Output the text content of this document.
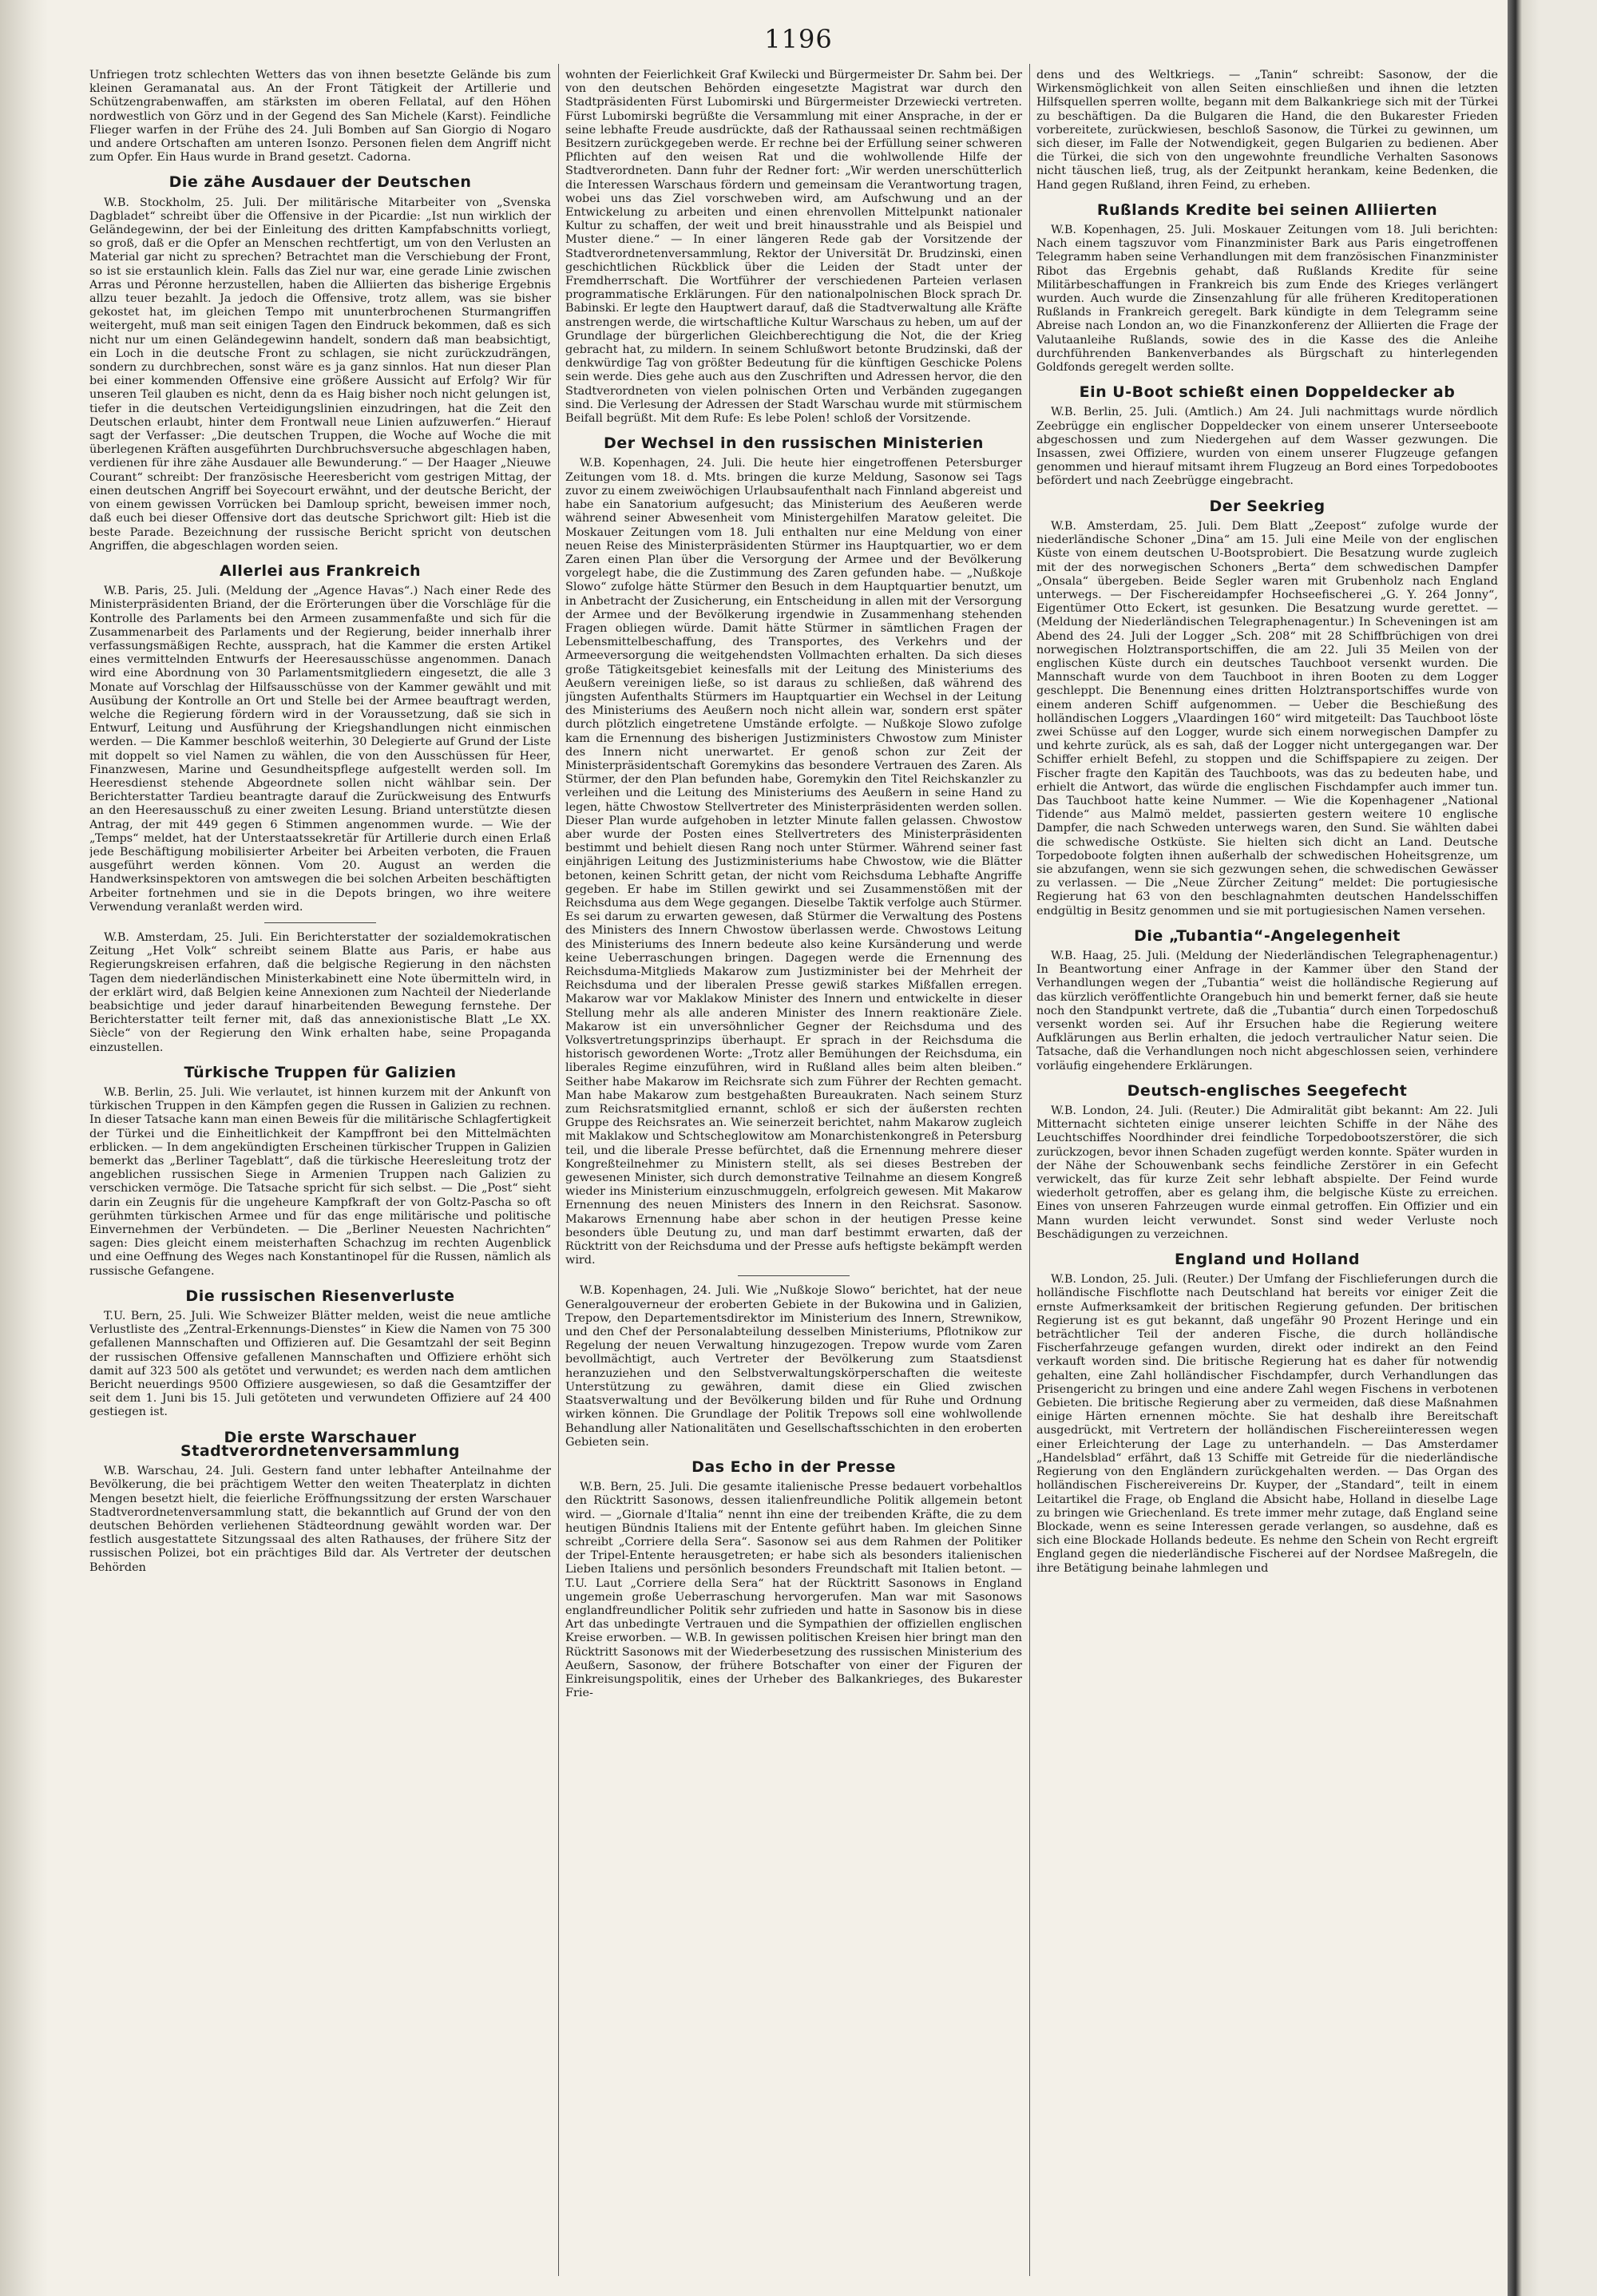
1196

Unfriegen trotz schlechten Wetters das von ihnen besetzte Gelände bis zum kleinen Geramanatal aus. An der Front Tätigkeit der Artillerie und Schützengrabenwaffen, am stärksten im oberen Fellatal, auf den Höhen nordwestlich von Görz und in der Gegend des San Michele (Karst). Feindliche Flieger warfen in der Frühe des 24. Juli Bomben auf San Giorgio di Nogaro und andere Ortschaften am unteren Isonzo. Personen fielen dem Angriff nicht zum Opfer. Ein Haus wurde in Brand gesetzt. Cadorna.

Die zähe Ausdauer der Deutschen

W.B. Stockholm, 25. Juli. Der militärische Mitarbeiter von „Svenska Dagbladet“ schreibt über die Offensive in der Picardie: „Ist nun wirklich der Geländegewinn, der bei der Einleitung des dritten Kampfabschnitts vorliegt, so groß, daß er die Opfer an Menschen rechtfertigt, um von den Verlusten an Material gar nicht zu sprechen? Betrachtet man die Verschiebung der Front, so ist sie erstaunlich klein. Falls das Ziel nur war, eine gerade Linie zwischen Arras und Péronne herzustellen, haben die Alliierten das bisherige Ergebnis allzu teuer bezahlt. Ja jedoch die Offensive, trotz allem, was sie bisher gekostet hat, im gleichen Tempo mit ununterbrochenen Sturmangriffen weitergeht, muß man seit einigen Tagen den Eindruck bekommen, daß es sich nicht nur um einen Geländegewinn handelt, sondern daß man beabsichtigt, ein Loch in die deutsche Front zu schlagen, sie nicht zurückzudrängen, sondern zu durchbrechen, sonst wäre es ja ganz sinnlos. Hat nun dieser Plan bei einer kommenden Offensive eine größere Aussicht auf Erfolg? Wir für unseren Teil glauben es nicht, denn da es Haig bisher noch nicht gelungen ist, tiefer in die deutschen Verteidigungslinien einzudringen, hat die Zeit den Deutschen erlaubt, hinter dem Frontwall neue Linien aufzuwerfen.“ Hierauf sagt der Verfasser: „Die deutschen Truppen, die Woche auf Woche die mit überlegenen Kräften ausgeführten Durchbruchsversuche abgeschlagen haben, verdienen für ihre zähe Ausdauer alle Bewunderung.“ — Der Haager „Nieuwe Courant“ schreibt: Der französische Heeresbericht vom gestrigen Mittag, der einen deutschen Angriff bei Soyecourt erwähnt, und der deutsche Bericht, der von einem gewissen Vorrücken bei Damloup spricht, beweisen immer noch, daß euch bei dieser Offensive dort das deutsche Sprichwort gilt: Hieb ist die beste Parade. Bezeichnung der russische Bericht spricht von deutschen Angriffen, die abgeschlagen worden seien.

Allerlei aus Frankreich

W.B. Paris, 25. Juli. (Meldung der „Agence Havas“.) Nach einer Rede des Ministerpräsidenten Briand, der die Erörterungen über die Vorschläge für die Kontrolle des Parlaments bei den Armeen zusammenfaßte und sich für die Zusammenarbeit des Parlaments und der Regierung, beider innerhalb ihrer verfassungsmäßigen Rechte, aussprach, hat die Kammer die ersten Artikel eines vermittelnden Entwurfs der Heeresausschüsse angenommen. Danach wird eine Abordnung von 30 Parlamentsmitgliedern eingesetzt, die alle 3 Monate auf Vorschlag der Hilfsausschüsse von der Kammer gewählt und mit Ausübung der Kontrolle an Ort und Stelle bei der Armee beauftragt werden, welche die Regierung fördern wird in der Voraussetzung, daß sie sich in Entwurf, Leitung und Ausführung der Kriegshandlungen nicht einmischen werden. — Die Kammer beschloß weiterhin, 30 Delegierte auf Grund der Liste mit doppelt so viel Namen zu wählen, die von den Ausschüssen für Heer, Finanzwesen, Marine und Gesundheitspflege aufgestellt werden soll. Im Heeresdienst stehende Abgeordnete sollen nicht wählbar sein. Der Berichterstatter Tardieu beantragte darauf die Zurückweisung des Entwurfs an den Heeresausschuß zu einer zweiten Lesung. Briand unterstützte diesen Antrag, der mit 449 gegen 6 Stimmen angenommen wurde. — Wie der „Temps“ meldet, hat der Unterstaatssekretär für Artillerie durch einen Erlaß jede Beschäftigung mobilisierter Arbeiter bei Arbeiten verboten, die Frauen ausgeführt werden können. Vom 20. August an werden die Handwerksinspektoren von amtswegen die bei solchen Arbeiten beschäftigten Arbeiter fortnehmen und sie in die Depots bringen, wo ihre weitere Verwendung veranlaßt werden wird.

W.B. Amsterdam, 25. Juli. Ein Berichterstatter der sozialdemokratischen Zeitung „Het Volk“ schreibt seinem Blatte aus Paris, er habe aus Regierungskreisen erfahren, daß die belgische Regierung in den nächsten Tagen dem niederländischen Ministerkabinett eine Note übermitteln wird, in der erklärt wird, daß Belgien keine Annexionen zum Nachteil der Niederlande beabsichtige und jeder darauf hinarbeitenden Bewegung fernstehe. Der Berichterstatter teilt ferner mit, daß das annexionistische Blatt „Le XX. Siècle“ von der Regierung den Wink erhalten habe, seine Propaganda einzustellen.

Türkische Truppen für Galizien

W.B. Berlin, 25. Juli. Wie verlautet, ist hinnen kurzem mit der Ankunft von türkischen Truppen in den Kämpfen gegen die Russen in Galizien zu rechnen. In dieser Tatsache kann man einen Beweis für die militärische Schlagfertigkeit der Türkei und die Einheitlichkeit der Kampffront bei den Mittelmächten erblicken. — In dem angekündigten Erscheinen türkischer Truppen in Galizien bemerkt das „Berliner Tageblatt“, daß die türkische Heeresleitung trotz der angeblichen russischen Siege in Armenien Truppen nach Galizien zu verschicken vermöge. Die Tatsache spricht für sich selbst. — Die „Post“ sieht darin ein Zeugnis für die ungeheure Kampfkraft der von Goltz-Pascha so oft gerühmten türkischen Armee und für das enge militärische und politische Einvernehmen der Verbündeten. — Die „Berliner Neuesten Nachrichten“ sagen: Dies gleicht einem meisterhaften Schachzug im rechten Augenblick und eine Oeffnung des Weges nach Konstantinopel für die Russen, nämlich als russische Gefangene.

Die russischen Riesenverluste

T.U. Bern, 25. Juli. Wie Schweizer Blätter melden, weist die neue amtliche Verlustliste des „Zentral-Erkennungs-Dienstes“ in Kiew die Namen von 75 300 gefallenen Mannschaften und Offizieren auf. Die Gesamtzahl der seit Beginn der russischen Offensive gefallenen Mannschaften und Offiziere erhöht sich damit auf 323 500 als getötet und verwundet; es werden nach dem amtlichen Bericht neuerdings 9500 Offiziere ausgewiesen, so daß die Gesamtziffer der seit dem 1. Juni bis 15. Juli getöteten und verwundeten Offiziere auf 24 400 gestiegen ist.

Die erste Warschauer Stadtverordnetenversammlung

W.B. Warschau, 24. Juli. Gestern fand unter lebhafter Anteilnahme der Bevölkerung, die bei prächtigem Wetter den weiten Theaterplatz in dichten Mengen besetzt hielt, die feierliche Eröffnungssitzung der ersten Warschauer Stadtverordnetenversammlung statt, die bekanntlich auf Grund der von den deutschen Behörden verliehenen Städteordnung gewählt worden war. Der festlich ausgestattete Sitzungssaal des alten Rathauses, der frühere Sitz der russischen Polizei, bot ein prächtiges Bild dar. Als Vertreter der deutschen Behörden

wohnten der Feierlichkeit Graf Kwilecki und Bürgermeister Dr. Sahm bei. Der von den deutschen Behörden eingesetzte Magistrat war durch den Stadtpräsidenten Fürst Lubomirski und Bürgermeister Drzewiecki vertreten. Fürst Lubomirski begrüßte die Versammlung mit einer Ansprache, in der er seine lebhafte Freude ausdrückte, daß der Rathaussaal seinen rechtmäßigen Besitzern zurückgegeben werde. Er rechne bei der Erfüllung seiner schweren Pflichten auf den weisen Rat und die wohlwollende Hilfe der Stadtverordneten. Dann fuhr der Redner fort: „Wir werden unerschütterlich die Interessen Warschaus fördern und gemeinsam die Verantwortung tragen, wobei uns das Ziel vorschweben wird, am Aufschwung und an der Entwickelung zu arbeiten und einen ehrenvollen Mittelpunkt nationaler Kultur zu schaffen, der weit und breit hinausstrahle und als Beispiel und Muster diene.“ — In einer längeren Rede gab der Vorsitzende der Stadtverordnetenversammlung, Rektor der Universität Dr. Brudzinski, einen geschichtlichen Rückblick über die Leiden der Stadt unter der Fremdherrschaft. Die Wortführer der verschiedenen Parteien verlasen programmatische Erklärungen. Für den nationalpolnischen Block sprach Dr. Babinski. Er legte den Hauptwert darauf, daß die Stadtverwaltung alle Kräfte anstrengen werde, die wirtschaftliche Kultur Warschaus zu heben, um auf der Grundlage der bürgerlichen Gleichberechtigung die Not, die der Krieg gebracht hat, zu mildern. In seinem Schlußwort betonte Brudzinski, daß der denkwürdige Tag von größter Bedeutung für die künftigen Geschicke Polens sein werde. Dies gehe auch aus den Zuschriften und Adressen hervor, die den Stadtverordneten von vielen polnischen Orten und Verbänden zugegangen sind. Die Verlesung der Adressen der Stadt Warschau wurde mit stürmischem Beifall begrüßt. Mit dem Rufe: Es lebe Polen! schloß der Vorsitzende.

Der Wechsel in den russischen Ministerien

W.B. Kopenhagen, 24. Juli. Die heute hier eingetroffenen Petersburger Zeitungen vom 18. d. Mts. bringen die kurze Meldung, Sasonow sei Tags zuvor zu einem zweiwöchigen Urlaubsaufenthalt nach Finnland abgereist und habe ein Sanatorium aufgesucht; das Ministerium des Aeußeren werde während seiner Abwesenheit vom Ministergehilfen Maratow geleitet. Die Moskauer Zeitungen vom 18. Juli enthalten nur eine Meldung von einer neuen Reise des Ministerpräsidenten Stürmer ins Hauptquartier, wo er dem Zaren einen Plan über die Versorgung der Armee und der Bevölkerung vorgelegt habe, die die Zustimmung des Zaren gefunden habe. — „Nußkoje Slowo“ zufolge hätte Stürmer den Besuch in dem Hauptquartier benutzt, um in Anbetracht der Zusicherung, ein Entscheidung in allen mit der Versorgung der Armee und der Bevölkerung irgendwie in Zusammenhang stehenden Fragen obliegen würde. Damit hätte Stürmer in sämtlichen Fragen der Lebensmittelbeschaffung, des Transportes, des Verkehrs und der Armeeversorgung die weitgehendsten Vollmachten erhalten. Da sich dieses große Tätigkeitsgebiet keinesfalls mit der Leitung des Ministeriums des Aeußern vereinigen ließe, so ist daraus zu schließen, daß während des jüngsten Aufenthalts Stürmers im Hauptquartier ein Wechsel in der Leitung des Ministeriums des Aeußern noch nicht allein war, sondern erst später durch plötzlich eingetretene Umstände erfolgte. — Nußkoje Slowo zufolge kam die Ernennung des bisherigen Justizministers Chwostow zum Minister des Innern nicht unerwartet. Er genoß schon zur Zeit der Ministerpräsidentschaft Goremykins das besondere Vertrauen des Zaren. Als Stürmer, der den Plan befunden habe, Goremykin den Titel Reichskanzler zu verleihen und die Leitung des Ministeriums des Aeußern in seine Hand zu legen, hätte Chwostow Stellvertreter des Ministerpräsidenten werden sollen. Dieser Plan wurde aufgehoben in letzter Minute fallen gelassen. Chwostow aber wurde der Posten eines Stellvertreters des Ministerpräsidenten bestimmt und behielt diesen Rang noch unter Stürmer. Während seiner fast einjährigen Leitung des Justizministeriums habe Chwostow, wie die Blätter betonen, keinen Schritt getan, der nicht vom Reichsduma Lebhafte Angriffe gegeben. Er habe im Stillen gewirkt und sei Zusammenstößen mit der Reichsduma aus dem Wege gegangen. Dieselbe Taktik verfolge auch Stürmer. Es sei darum zu erwarten gewesen, daß Stürmer die Verwaltung des Postens des Ministers des Innern Chwostow überlassen werde. Chwostows Leitung des Ministeriums des Innern bedeute also keine Kursänderung und werde keine Ueberraschungen bringen. Dagegen werde die Ernennung des Reichsduma-Mitglieds Makarow zum Justizminister bei der Mehrheit der Reichsduma und der liberalen Presse gewiß starkes Mißfallen erregen. Makarow war vor Maklakow Minister des Innern und entwickelte in dieser Stellung mehr als alle anderen Minister des Innern reaktionäre Ziele. Makarow ist ein unversöhnlicher Gegner der Reichsduma und des Volksvertretungsprinzips überhaupt. Er sprach in der Reichsduma die historisch gewordenen Worte: „Trotz aller Bemühungen der Reichsduma, ein liberales Regime einzuführen, wird in Rußland alles beim alten bleiben.“ Seither habe Makarow im Reichsrate sich zum Führer der Rechten gemacht. Man habe Makarow zum bestgehaßten Bureaukraten. Nach seinem Sturz zum Reichsratsmitglied ernannt, schloß er sich der äußersten rechten Gruppe des Reichsrates an. Wie seinerzeit berichtet, nahm Makarow zugleich mit Maklakow und Schtscheglowitow am Monarchistenkongreß in Petersburg teil, und die liberale Presse befürchtet, daß die Ernennung mehrere dieser Kongreßteilnehmer zu Ministern stellt, als sei dieses Bestreben der gewesenen Minister, sich durch demonstrative Teilnahme an diesem Kongreß wieder ins Ministerium einzuschmuggeln, erfolgreich gewesen. Mit Makarow Ernennung des neuen Ministers des Innern in den Reichsrat. Sasonow. Makarows Ernennung habe aber schon in der heutigen Presse keine besonders üble Deutung zu, und man darf bestimmt erwarten, daß der Rücktritt von der Reichsduma und der Presse aufs heftigste bekämpft werden wird.

W.B. Kopenhagen, 24. Juli. Wie „Nußkoje Slowo“ berichtet, hat der neue Generalgouverneur der eroberten Gebiete in der Bukowina und in Galizien, Trepow, den Departementsdirektor im Ministerium des Innern, Strewnikow, und den Chef der Personalabteilung desselben Ministeriums, Pflotnikow zur Regelung der neuen Verwaltung hinzugezogen. Trepow wurde vom Zaren bevollmächtigt, auch Vertreter der Bevölkerung zum Staatsdienst heranzuziehen und den Selbstverwaltungskörperschaften die weiteste Unterstützung zu gewähren, damit diese ein Glied zwischen Staatsverwaltung und der Bevölkerung bilden und für Ruhe und Ordnung wirken können. Die Grundlage der Politik Trepows soll eine wohlwollende Behandlung aller Nationalitäten und Gesellschaftsschichten in den eroberten Gebieten sein.

Das Echo in der Presse

W.B. Bern, 25. Juli. Die gesamte italienische Presse bedauert vorbehaltlos den Rücktritt Sasonows, dessen italienfreundliche Politik allgemein betont wird. — „Giornale d'Italia“ nennt ihn eine der treibenden Kräfte, die zu dem heutigen Bündnis Italiens mit der Entente geführt haben. Im gleichen Sinne schreibt „Corriere della Sera“. Sasonow sei aus dem Rahmen der Politiker der Tripel-Entente herausgetreten; er habe sich als besonders italienischen Lieben Italiens und persönlich besonders Freundschaft mit Italien betont. — T.U. Laut „Corriere della Sera“ hat der Rücktritt Sasonows in England ungemein große Ueberraschung hervorgerufen. Man war mit Sasonows englandfreundlicher Politik sehr zufrieden und hatte in Sasonow bis in diese Art das unbedingte Vertrauen und die Sympathien der offiziellen englischen Kreise erworben. — W.B. In gewissen politischen Kreisen hier bringt man den Rücktritt Sasonows mit der Wiederbesetzung des russischen Ministerium des Aeußern, Sasonow, der frühere Botschafter von einer der Figuren der Einkreisungspolitik, eines der Urheber des Balkankrieges, des Bukarester Frie-

dens und des Weltkriegs. — „Tanin“ schreibt: Sasonow, der die Wirkensmöglichkeit von allen Seiten einschließen und ihnen die letzten Hilfsquellen sperren wollte, begann mit dem Balkankriege sich mit der Türkei zu beschäftigen. Da die Bulgaren die Hand, die den Bukarester Frieden vorbereitete, zurückwiesen, beschloß Sasonow, die Türkei zu gewinnen, um sich dieser, im Falle der Notwendigkeit, gegen Bulgarien zu bedienen. Aber die Türkei, die sich von den ungewohnte freundliche Verhalten Sasonows nicht täuschen ließ, trug, als der Zeitpunkt herankam, keine Bedenken, die Hand gegen Rußland, ihren Feind, zu erheben.

Rußlands Kredite bei seinen Alliierten

W.B. Kopenhagen, 25. Juli. Moskauer Zeitungen vom 18. Juli berichten: Nach einem tagszuvor vom Finanzminister Bark aus Paris eingetroffenen Telegramm haben seine Verhandlungen mit dem französischen Finanzminister Ribot das Ergebnis gehabt, daß Rußlands Kredite für seine Militärbeschaffungen in Frankreich bis zum Ende des Krieges verlängert wurden. Auch wurde die Zinsenzahlung für alle früheren Kreditoperationen Rußlands in Frankreich geregelt. Bark kündigte in dem Telegramm seine Abreise nach London an, wo die Finanzkonferenz der Alliierten die Frage der Valutaanleihe Rußlands, sowie des in die Kasse des die Anleihe durchführenden Bankenverbandes als Bürgschaft zu hinterlegenden Goldfonds geregelt werden sollte.

Ein U-Boot schießt einen Doppeldecker ab

W.B. Berlin, 25. Juli. (Amtlich.) Am 24. Juli nachmittags wurde nördlich Zeebrügge ein englischer Doppeldecker von einem unserer Unterseeboote abgeschossen und zum Niedergehen auf dem Wasser gezwungen. Die Insassen, zwei Offiziere, wurden von einem unserer Flugzeuge gefangen genommen und hierauf mitsamt ihrem Flugzeug an Bord eines Torpedobootes befördert und nach Zeebrügge eingebracht.

Der Seekrieg

W.B. Amsterdam, 25. Juli. Dem Blatt „Zeepost“ zufolge wurde der niederländische Schoner „Dina“ am 15. Juli eine Meile von der englischen Küste von einem deutschen U-Bootsprobiert. Die Besatzung wurde zugleich mit der des norwegischen Schoners „Berta“ dem schwedischen Dampfer „Onsala“ übergeben. Beide Segler waren mit Grubenholz nach England unterwegs. — Der Fischereidampfer Hochseefischerei „G. Y. 264 Jonny“, Eigentümer Otto Eckert, ist gesunken. Die Besatzung wurde gerettet. — (Meldung der Niederländischen Telegraphenagentur.) In Scheveningen ist am Abend des 24. Juli der Logger „Sch. 208“ mit 28 Schiffbrüchigen von drei norwegischen Holztransportschiffen, die am 22. Juli 35 Meilen von der englischen Küste durch ein deutsches Tauchboot versenkt wurden. Die Mannschaft wurde von dem Tauchboot in ihren Booten zu dem Logger geschleppt. Die Benennung eines dritten Holztransportschiffes wurde von einem anderen Schiff aufgenommen. — Ueber die Beschießung des holländischen Loggers „Vlaardingen 160“ wird mitgeteilt: Das Tauchboot löste zwei Schüsse auf den Logger, wurde sich einem norwegischen Dampfer zu und kehrte zurück, als es sah, daß der Logger nicht untergegangen war. Der Schiffer erhielt Befehl, zu stoppen und die Schiffspapiere zu zeigen. Der Fischer fragte den Kapitän des Tauchboots, was das zu bedeuten habe, und erhielt die Antwort, das würde die englischen Fischdampfer auch immer tun. Das Tauchboot hatte keine Nummer. — Wie die Kopenhagener „National Tidende“ aus Malmö meldet, passierten gestern weitere 10 englische Dampfer, die nach Schweden unterwegs waren, den Sund. Sie wählten dabei die schwedische Ostküste. Sie hielten sich dicht an Land. Deutsche Torpedoboote folgten ihnen außerhalb der schwedischen Hoheitsgrenze, um sie abzufangen, wenn sie sich gezwungen sehen, die schwedischen Gewässer zu verlassen. — Die „Neue Zürcher Zeitung“ meldet: Die portugiesische Regierung hat 63 von den beschlagnahmten deutschen Handelsschiffen endgültig in Besitz genommen und sie mit portugiesischen Namen versehen.

Die „Tubantia“-Angelegenheit

W.B. Haag, 25. Juli. (Meldung der Niederländischen Telegraphenagentur.) In Beantwortung einer Anfrage in der Kammer über den Stand der Verhandlungen wegen der „Tubantia“ weist die holländische Regierung auf das kürzlich veröffentlichte Orangebuch hin und bemerkt ferner, daß sie heute noch den Standpunkt vertrete, daß die „Tubantia“ durch einen Torpedoschuß versenkt worden sei. Auf ihr Ersuchen habe die Regierung weitere Aufklärungen aus Berlin erhalten, die jedoch vertraulicher Natur seien. Die Tatsache, daß die Verhandlungen noch nicht abgeschlossen seien, verhindere vorläufig eingehendere Erklärungen.

Deutsch-englisches Seegefecht

W.B. London, 24. Juli. (Reuter.) Die Admiralität gibt bekannt: Am 22. Juli Mitternacht sichteten einige unserer leichten Schiffe in der Nähe des Leuchtschiffes Noordhinder drei feindliche Torpedobootszerstörer, die sich zurückzogen, bevor ihnen Schaden zugefügt werden konnte. Später wurden in der Nähe der Schouwenbank sechs feindliche Zerstörer in ein Gefecht verwickelt, das für kurze Zeit sehr lebhaft abspielte. Der Feind wurde wiederholt getroffen, aber es gelang ihm, die belgische Küste zu erreichen. Eines von unseren Fahrzeugen wurde einmal getroffen. Ein Offizier und ein Mann wurden leicht verwundet. Sonst sind weder Verluste noch Beschädigungen zu verzeichnen.

England und Holland

W.B. London, 25. Juli. (Reuter.) Der Umfang der Fischlieferungen durch die holländische Fischflotte nach Deutschland hat bereits vor einiger Zeit die ernste Aufmerksamkeit der britischen Regierung gefunden. Der britischen Regierung ist es gut bekannt, daß ungefähr 90 Prozent Heringe und ein beträchtlicher Teil der anderen Fische, die durch holländische Fischerfahrzeuge gefangen wurden, direkt oder indirekt an den Feind verkauft worden sind. Die britische Regierung hat es daher für notwendig gehalten, eine Zahl holländischer Fischdampfer, durch Verhandlungen das Prisengericht zu bringen und eine andere Zahl wegen Fischens in verbotenen Gebieten. Die britische Regierung aber zu vermeiden, daß diese Maßnahmen einige Härten ernennen möchte. Sie hat deshalb ihre Bereitschaft ausgedrückt, mit Vertretern der holländischen Fischereiinteressen wegen einer Erleichterung der Lage zu unterhandeln. — Das Amsterdamer „Handelsblad“ erfährt, daß 13 Schiffe mit Getreide für die niederländische Regierung von den Engländern zurückgehalten werden. — Das Organ des holländischen Fischereivereins Dr. Kuyper, der „Standard“, teilt in einem Leitartikel die Frage, ob England die Absicht habe, Holland in dieselbe Lage zu bringen wie Griechenland. Es trete immer mehr zutage, daß England seine Blockade, wenn es seine Interessen gerade verlangen, so ausdehne, daß es sich eine Blockade Hollands bedeute. Es nehme den Schein von Recht ergreift England gegen die niederländische Fischerei auf der Nordsee Maßregeln, die ihre Betätigung beinahe lahmlegen und
